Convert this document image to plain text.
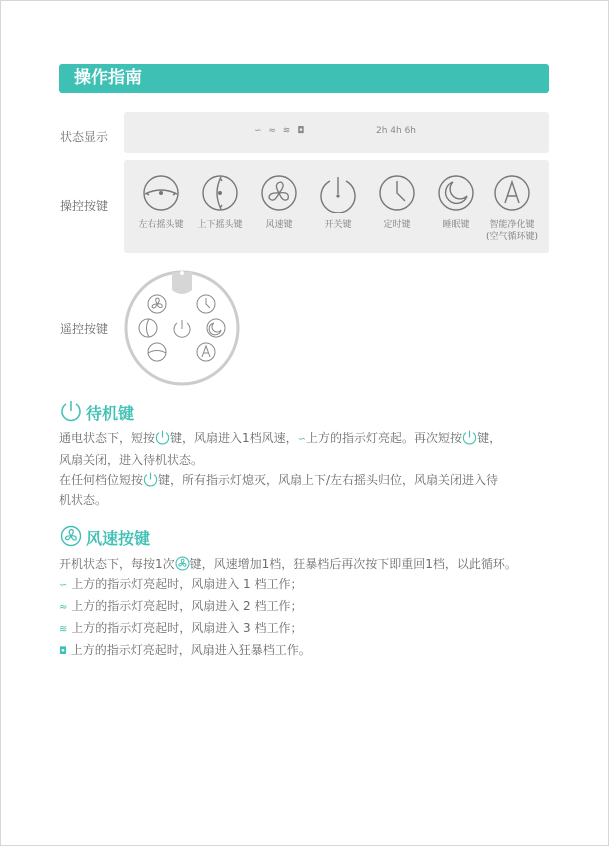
操作指南
状态显示	∽ ≈ ≋ ◘	2h 4h 6h
操控按键
左右摇头键	上下摇头键	风速键	开关键	定时键	睡眠键	智能净化键
(空气循环键)
遥控按键
待机键
通电状态下，短按 键，风扇进入1档风速，∽上方的指示灯亮起。再次短按 键，
风扇关闭，进入待机状态。
在任何档位短按 键，所有指示灯熄灭，风扇上下/左右摇头归位，风扇关闭进入待
机状态。
风速按键
开机状态下，每按1次 键，风速增加1档，狂暴档后再次按下即重回1档，以此循环。
∽ 上方的指示灯亮起时，风扇进入 1 档工作；
≈ 上方的指示灯亮起时，风扇进入 2 档工作；
≋ 上方的指示灯亮起时，风扇进入 3 档工作；
◘ 上方的指示灯亮起时，风扇进入狂暴档工作。
